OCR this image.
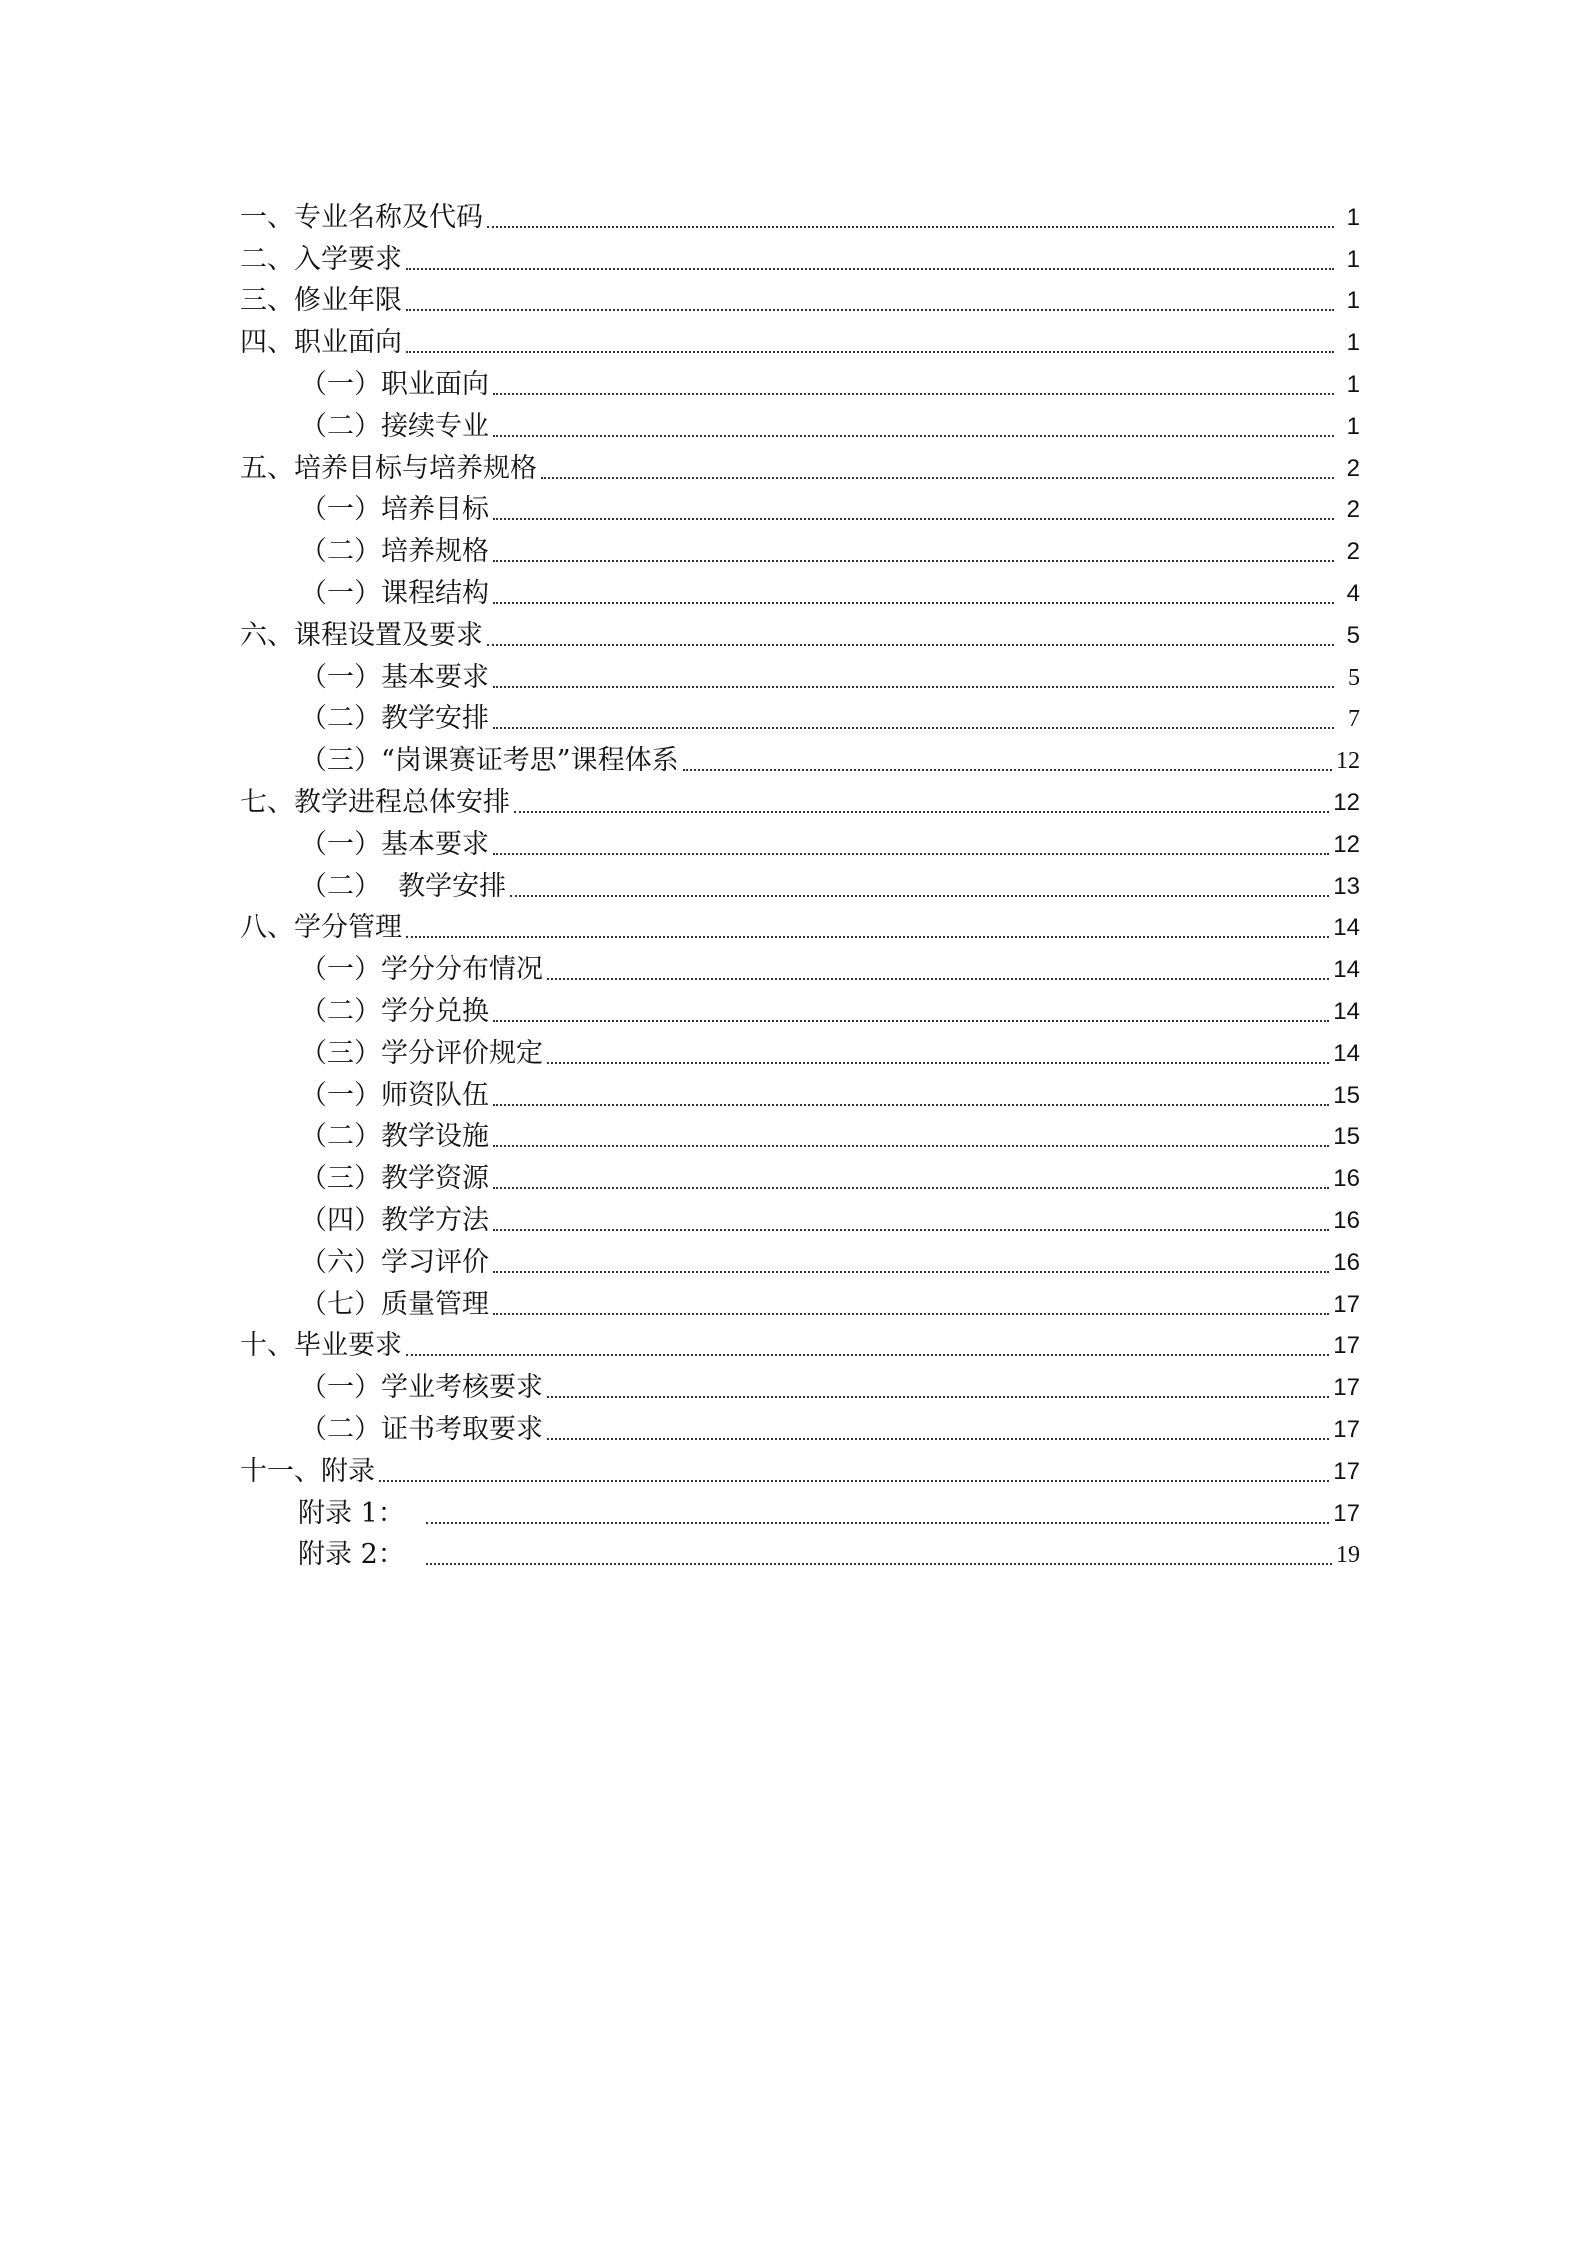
一、专业名称及代码	1
二、入学要求	1
三、修业年限	1
四、职业面向	1
（一）职业面向	1
（二）接续专业	1
五、培养目标与培养规格	2
（一）培养目标	2
（二）培养规格	2
（一）课程结构	4
六、课程设置及要求	5
（一）基本要求	5
（二）教学安排	7
（三）“岗课赛证考思”课程体系	12
七、教学进程总体安排	12
（一）基本要求	12
（二）  教学安排	13
八、学分管理	14
（一）学分分布情况	14
（二）学分兑换	14
（三）学分评价规定	14
（一）师资队伍	15
（二）教学设施	15
（三）教学资源	16
（四）教学方法	16
（六）学习评价	16
（七）质量管理	17
十、毕业要求	17
（一）学业考核要求	17
（二）证书考取要求	17
十一、附录	17
附录 1：	17
附录 2：	19
